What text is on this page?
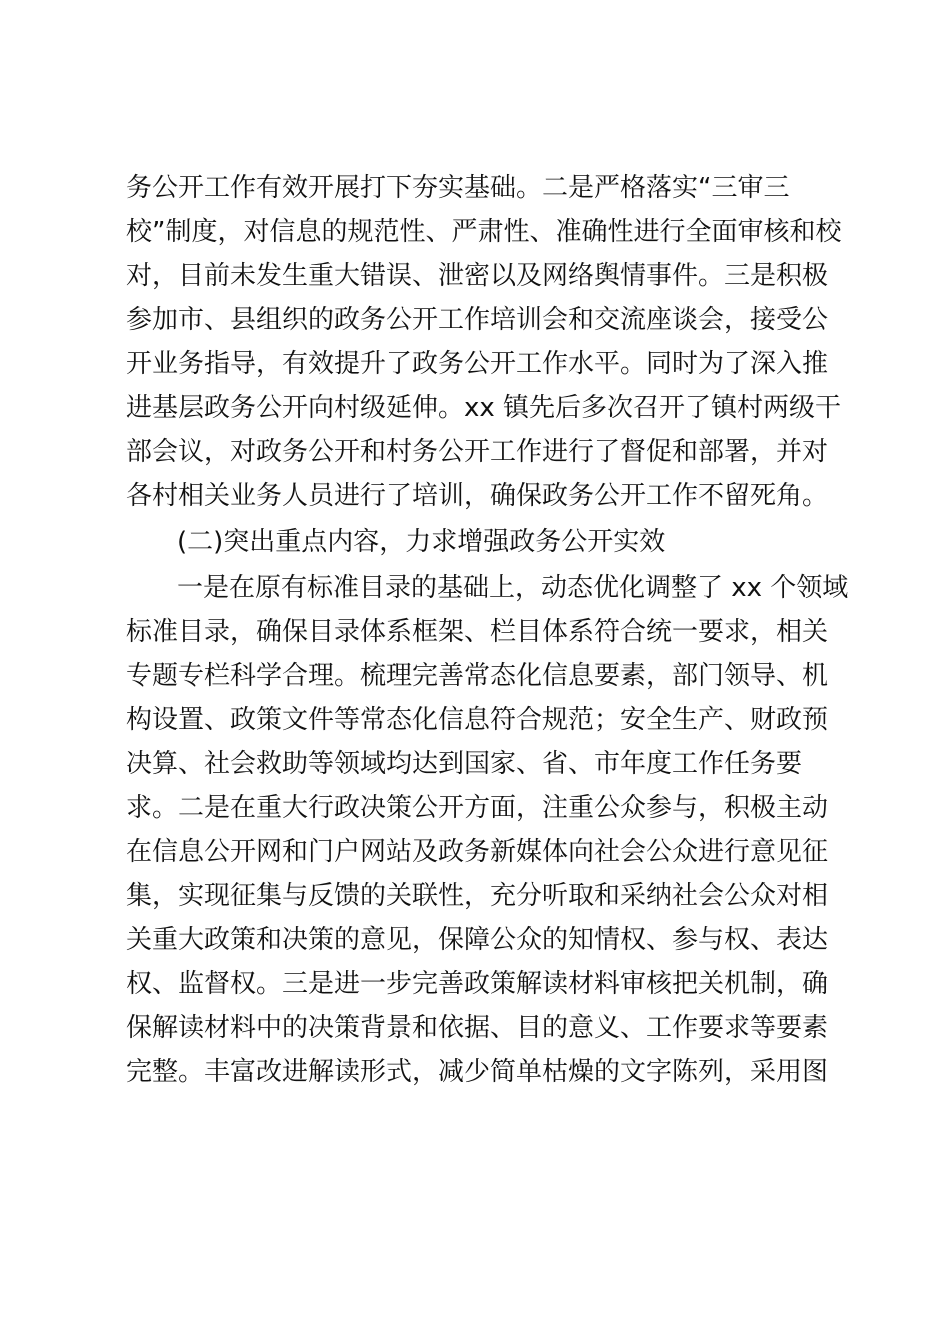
务公开工作有效开展打下夯实基础。二是严格落实“三审三
校”制度，对信息的规范性、严肃性、准确性进行全面审核和校
对，目前未发生重大错误、泄密以及网络舆情事件。三是积极
参加市、县组织的政务公开工作培训会和交流座谈会，接受公
开业务指导，有效提升了政务公开工作水平。同时为了深入推
进基层政务公开向村级延伸。xx 镇先后多次召开了镇村两级干
部会议，对政务公开和村务公开工作进行了督促和部署，并对
各村相关业务人员进行了培训，确保政务公开工作不留死角。
(二)突出重点内容，力求增强政务公开实效
一是在原有标准目录的基础上，动态优化调整了 xx 个领域
标准目录，确保目录体系框架、栏目体系符合统一要求，相关
专题专栏科学合理。梳理完善常态化信息要素，部门领导、机
构设置、政策文件等常态化信息符合规范；安全生产、财政预
决算、社会救助等领域均达到国家、省、市年度工作任务要
求。二是在重大行政决策公开方面，注重公众参与，积极主动
在信息公开网和门户网站及政务新媒体向社会公众进行意见征
集，实现征集与反馈的关联性，充分听取和采纳社会公众对相
关重大政策和决策的意见，保障公众的知情权、参与权、表达
权、监督权。三是进一步完善政策解读材料审核把关机制，确
保解读材料中的决策背景和依据、目的意义、工作要求等要素
完整。丰富改进解读形式，减少简单枯燥的文字陈列，采用图
